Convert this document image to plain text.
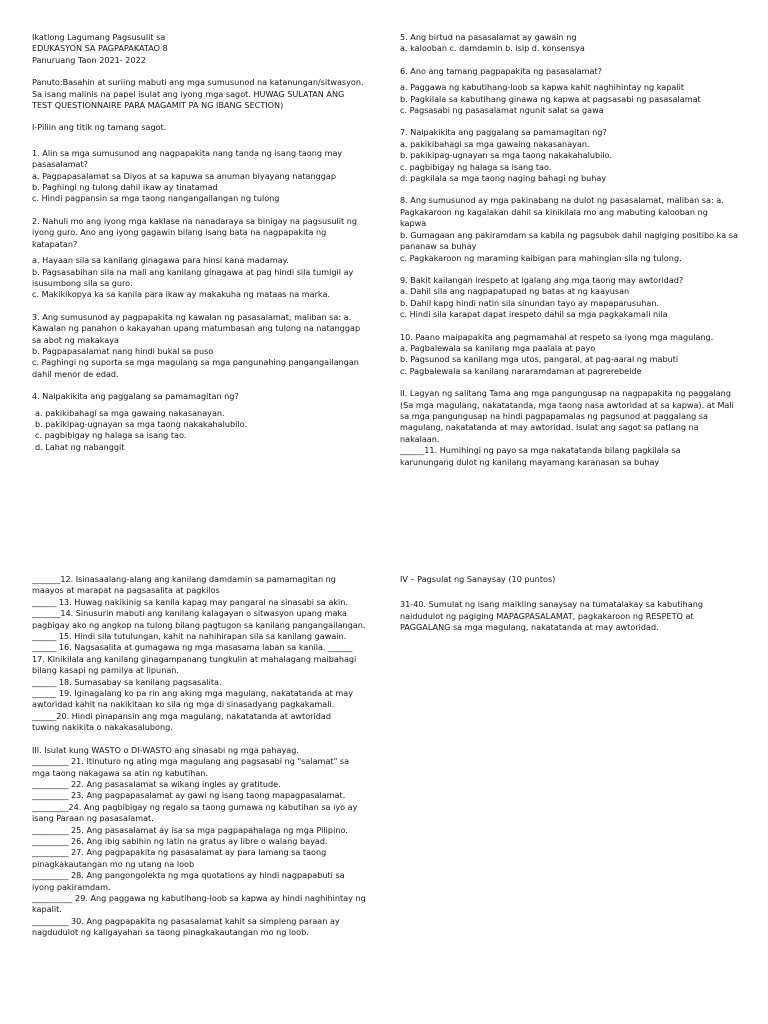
Ikatlong Lagumang Pagsusulit sa
EDUKASYON SA PAGPAPAKATAO 8
Panuruang Taon 2021- 2022
Panuto:Basahin at suriing mabuti ang mga sumusunod na katanungan/sitwasyon.
Sa isang malinis na papel isulat ang iyong mga sagot. HUWAG SULATAN ANG
TEST QUESTIONNAIRE PARA MAGAMIT PA NG IBANG SECTION)
I-Piliin ang titik ng tamang sagot.
1. Alin sa mga sumusunod ang nagpapakita nang tanda ng isang taong may
pasasalamat?
a. Pagpapasalamat sa Diyos at sa kapuwa sa anuman biyayang natanggap
b. Paghingi ng tulong dahil ikaw ay tinatamad
c. Hindi pagpansin sa mga taong nangangailangan ng tulong
2. Nahuli mo ang iyong mga kaklase na nanadaraya sa binigay na pagsusulit ng
iyong guro. Ano ang iyong gagawin bilang isang bata na nagpapakita ng
katapatan?
a. Hayaan sila sa kanilang ginagawa para hinsi kana madamay.
b. Pagsasabihan sila na mali ang kanilang ginagawa at pag hindi sila tumigil ay
isusumbong sila sa guro.
c. Makikikopya ka sa kanila para ikaw ay makakuha ng mataas na marka.
3. Ang sumusunod ay pagpapakita ng kawalan ng pasasalamat, maliban sa: a.
Kawalan ng panahon o kakayahan upang matumbasan ang tulong na natanggap
sa abot ng makakaya
b. Pagpapasalamat nang hindi bukal sa puso
c. Paghingi ng suporta sa mga magulang sa mga pangunahing pangangailangan
dahil menor de edad.
4. Naipakikita ang paggalang sa pamamagitan ng?
a. pakikibahagi sa mga gawaing nakasanayan.
b. pakikipag-ugnayan sa mga taong nakakahalubilo.
c. pagbibigay ng halaga sa isang tao.
d. Lahat ng nabanggit
5. Ang birtud na pasasalamat ay gawain ng
a. kalooban c. damdamin b. isip d. konsensya
6. Ano ang tamang pagpapakita ng pasasalamat?
a. Paggawa ng kabutihang-loob sa kapwa kahit naghihintay ng kapalit
b. Pagkilala sa kabutihang ginawa ng kapwa at pagsasabi ng pasasalamat
c. Pagsasabi ng pasasalamat ngunit salat sa gawa
7. Naipakikita ang paggalang sa pamamagitan ng?
a. pakikibahagi sa mga gawaing nakasanayan.
b. pakikipag-ugnayan sa mga taong nakakahalubilo.
c. pagbibigay ng halaga sa isang tao.
d. pagkilala sa mga taong naging bahagi ng buhay
8. Ang sumusunod ay mga pakinabang na dulot ng pasasalamat, maliban sa: a.
Pagkakaroon ng kagalakan dahil sa kinikilala mo ang mabuting kalooban ng
kapwa
b. Gumagaan ang pakiramdam sa kabila ng pagsubok dahil nagiging positibo ka sa
pananaw sa buhay
c. Pagkakaroon ng maraming kaibigan para mahingian sila ng tulong.
9. Bakit kailangan irespeto at igalang ang mga taong may awtoridad?
a. Dahil sila ang nagpapatupad ng batas at ng kaayusan
b. Dahil kapg hindi natin sila sinundan tayo ay mapaparusuhan.
c. Hindi sila karapat dapat irespeto dahil sa mga pagkakamali nila
10. Paano maipapakita ang pagmamahal at respeto sa iyong mga magulang.
a. Pagbalewala sa kanilang mga paalala at payo
b. Pagsunod sa kanilang mga utos, pangaral, at pag-aaral ng mabuti
c. Pagbalewala sa kanilang nararamdaman at pagrerebelde
II. Lagyan ng salitang Tama ang mga pangungusap na nagpapakita ng paggalang
(Sa mga magulang, nakatatanda, mga taong nasa awtoridad at sa kapwa). at Mali
sa mga pangungusap na hindi pagpapamalas ng pagsunod at paggalang sa
magulang, nakatatanda at may awtoridad. Isulat ang sagot sa patlang na
nakalaan.
______11. Humihingi ng payo sa mga nakatatanda bilang pagkilala sa
karunungang dulot ng kanilang mayamang karanasan sa buhay
_______12. Isinasaalang-alang ang kanilang damdamin sa pamamagitan ng
maayos at marapat na pagsasalita at pagkilos
______ 13. Huwag nakikinig sa kanila kapag may pangaral na sinasabi sa akin.
_______14. Sinusurin mabuti ang kanilang kalagayan o sitwasyon upang maka
pagbigay ako ng angkop na tulong bilang pagtugon sa kanilang pangangailangan.
______ 15. Hindi sila tutulungan, kahit na nahihirapan sila sa kanilang gawain.
______ 16. Nagsasalita at gumagawa ng mga masasama laban sa kanila. ______
17. Kinikilala ang kanilang ginagampanang tungkulin at mahalagang maibahagi
bilang kasapi ng pamilya at lipunan.
______ 18. Sumasabay sa kanilang pagsasalita.
______ 19. Iginagalang ko pa rin ang aking mga magulang, nakatatanda at may
awtoridad kahit na nakikitaan ko sila ng mga di sinasadyang pagkakamali.
______20. Hindi pinapansin ang mga magulang, nakatatanda at awtoridad
tuwing nakikita o nakakasalubong.
III. Isulat kung WASTO o DI-WASTO ang sinasabi ng mga pahayag.
_________ 21. Itinuturo ng ating mga magulang ang pagsasabi ng "salamat" sa
mga taong nakagawa sa atin ng kabutihan.
_________ 22. Ang pasasalamat sa wikang ingles ay gratitude.
_________ 23. Ang pagpapasalamat ay gawi ng isang taong mapagpasalamat.
_________24. Ang pagbibigay ng regalo sa taong gumawa ng kabutihan sa iyo ay
isang Paraan ng pasasalamat.
_________ 25. Ang pasasalamat ay isa sa mga pagpapahalaga ng mga Pilipino.
_________ 26. Ang ibig sabihin ng latin na gratus ay libre o walang bayad.
_________ 27. Ang pagpapakita ng pasasalamat ay para lamang sa taong
pinagkakautangan mo ng utang na loob
_________ 28. Ang pangongolekta ng mga quotations ay hindi nagpapabuti sa
iyong pakiramdam.
__________ 29. Ang paggawa ng kabutihang-loob sa kapwa ay hindi naghihintay ng
kapalit.
_________ 30. Ang pagpapakita ng pasasalamat kahit sa simpleng paraan ay
nagdudulot ng kaligayahan sa taong pinagkakautangan mo ng loob.
IV – Pagsulat ng Sanaysay (10 puntos)
31-40. Sumulat ng isang maikling sanaysay na tumatalakay sa kabutihang
naidudulot ng pagiging MAPAGPASALAMAT, pagkakaroon ng RESPETO at
PAGGALANG sa mga magulang, nakatatanda at may awtoridad.
